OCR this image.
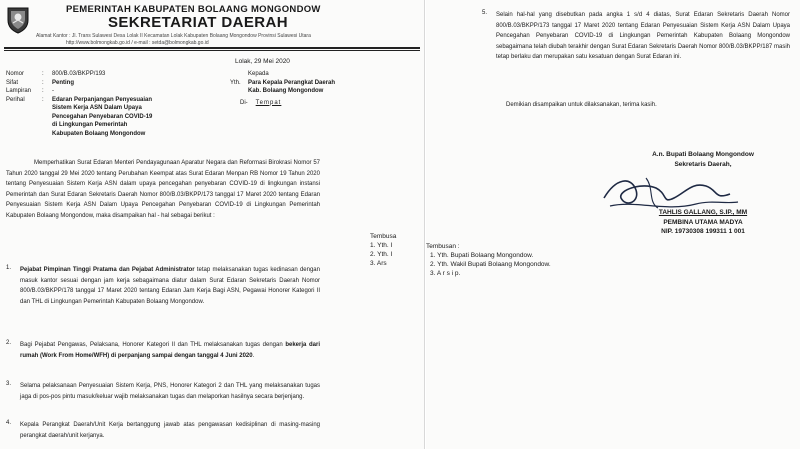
PEMERINTAH KABUPATEN BOLAANG MONGONDOW
SEKRETARIAT DAERAH
Alamat Kantor : Jl. Trans Sulawesi Desa Lolak II Kecamatan Lolak Kabupaten Bolaang Mongondow Provinsi Sulawesi Utara
http://www.bolmongkab.go.id / e-mail : setda@bolmongkab.go.id
Lolak, 29 Mei 2020
Nomor	: 800/B.03/BKPP/193
Sifat	: Penting
Lampiran : -
Perihal	: Edaran Perpanjangan Penyesuaian
Sistem Kerja ASN Dalam Upaya
Pencegahan Penyebaran COVID-19
di Lingkungan Pemerintah
Kabupaten Bolaang Mongondow
Kepada
Yth. Para Kepala Perangkat Daerah
Kab. Bolaang Mongondow
Di- Tempat
Memperhatikan Surat Edaran Menteri Pendayagunaan Aparatur Negara dan Reformasi Birokrasi Nomor 57 Tahun 2020 tanggal 29 Mei 2020 tentang Perubahan Keempat atas Surat Edaran Menpan RB Nomor 19 Tahun 2020 tentang Penyesuaian Sistem Kerja ASN dalam upaya pencegahan penyebaran COVID-19 di lingkungan instansi Pemerintah dan Surat Edaran Sekretaris Daerah Nomor 800/B.03/BKPP/173 tanggal 17 Maret 2020 tentang Edaran Penyesuaian Sistem Kerja ASN Dalam Upaya Pencegahan Penyebaran COVID-19 di Lingkungan Pemerintah Kabupaten Bolaang Mongondow, maka disampaikan hal - hal sebagai berikut :
1. Pejabat Pimpinan Tinggi Pratama dan Pejabat Administrator tetap melaksanakan tugas kedinasan dengan masuk kantor sesuai dengan jam kerja sebagaimana diatur dalam Surat Edaran Sekretaris Daerah Nomor 800/B.03/BKPP/178 tanggal 17 Maret 2020 tentang Edaran Jam Kerja Bagi ASN, Pegawai Honorer Kategori II dan THL di Lingkungan Pemerintah Kabupaten Bolaang Mongondow.
2. Bagi Pejabat Pengawas, Pelaksana, Honorer Kategori II dan THL melaksanakan tugas dengan bekerja dari rumah (Work From Home/WFH) di perpanjang sampai dengan tanggal 4 Juni 2020.
3. Selama pelaksanaan Penyesuaian Sistem Kerja, PNS, Honorer Kategori 2 dan THL yang melaksanakan tugas jaga di pos-pos pintu masuk/keluar wajib melaksanakan tugas dan melaporkan hasilnya secara berjenjang.
4. Kepala Perangkat Daerah/Unit Kerja bertanggung jawab atas pengawasan kedisiplinan di masing-masing perangkat daerah/unit kerjanya.
Tembusa
1. Yth. I
2. Yth. I
3. Ars
5. Selain hal-hal yang disebutkan pada angka 1 s/d 4 diatas, Surat Edaran Sekretaris Daerah Nomor 800/B.03/BKPP/173 tanggal 17 Maret 2020 tentang Edaran Penyesuaian Sistem Kerja ASN Dalam Upaya Pencegahan Penyebaran COVID-19 di Lingkungan Pemerintah Kabupaten Bolaang Mongondow sebagaimana telah diubah terakhir dengan Surat Edaran Sekretaris Daerah Nomor 800/B.03/BKPP/187 masih tetap berlaku dan merupakan satu kesatuan dengan Surat Edaran ini.
Demikian disampaikan untuk dilaksanakan, terima kasih.
A.n. Bupati Bolaang Mongondow
Sekretaris Daerah,
TAHLIS GALLANG, S.IP., MM
PEMBINA UTAMA MADYA
NIP. 19730308 199311 1 001
Tembusan :
1. Yth. Bupati Bolaang Mongondow.
2. Yth. Wakil Bupati Bolaang Mongondow.
3. A r s i p.
